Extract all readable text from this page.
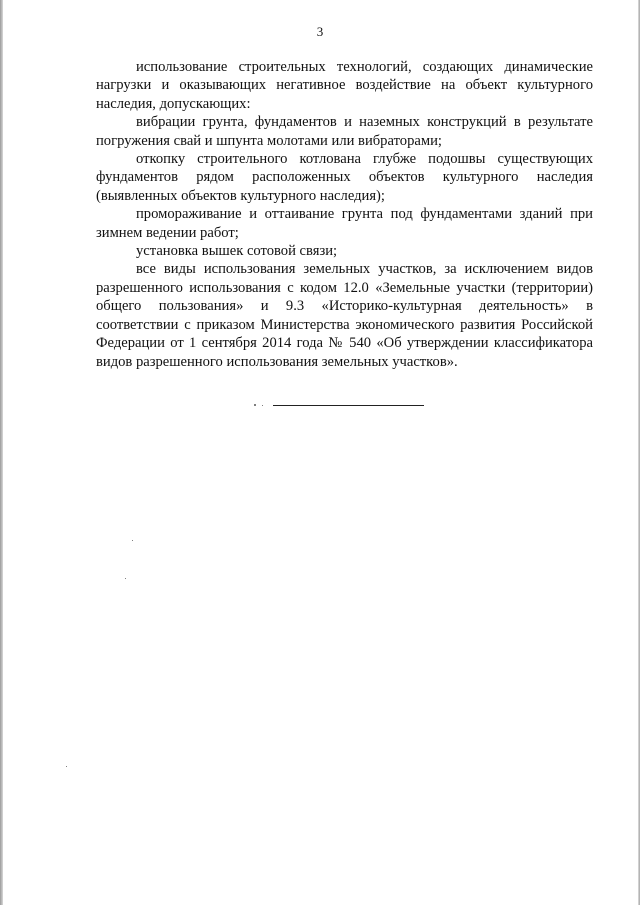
3

использование строительных технологий, создающих динамические нагрузки и оказывающих негативное воздействие на объект культурного наследия, допускающих:

вибрации грунта, фундаментов и наземных конструкций в результате погружения свай и шпунта молотами или вибраторами;

откопку строительного котлована глубже подошвы существующих фундаментов рядом расположенных объектов культурного наследия (выявленных объектов культурного наследия);

промораживание и оттаивание грунта под фундаментами зданий при зимнем ведении работ;

установка вышек сотовой связи;

все виды использования земельных участков, за исключением видов разрешенного использования с кодом 12.0 «Земельные участки (территории) общего пользования» и 9.3 «Историко-культурная деятельность» в соответствии с приказом Министерства экономического развития Российской Федерации от 1 сентября 2014 года № 540 «Об утверждении классификатора видов разрешенного использования земельных участков».
